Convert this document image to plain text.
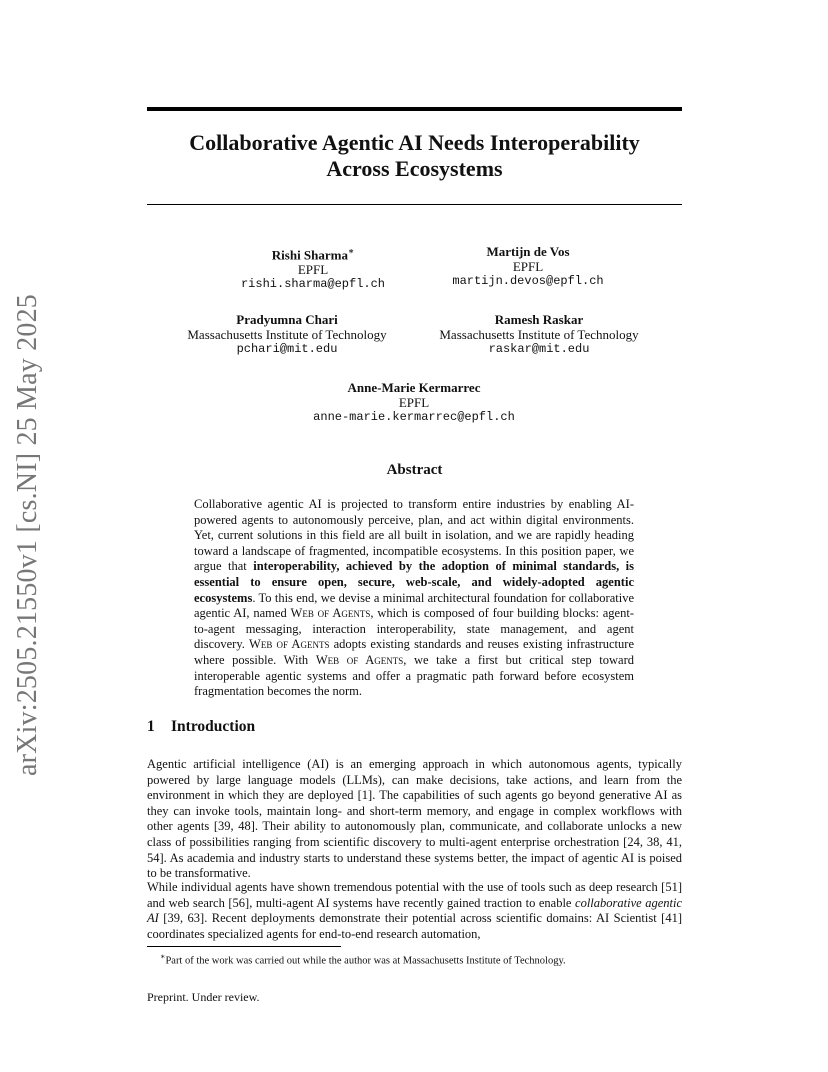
arXiv:2505.21550v1 [cs.NI] 25 May 2025
Collaborative Agentic AI Needs Interoperability
Across Ecosystems
Rishi Sharma∗
EPFL
rishi.sharma@epfl.ch
Martijn de Vos
EPFL
martijn.devos@epfl.ch
Pradyumna Chari
Massachusetts Institute of Technology
pchari@mit.edu
Ramesh Raskar
Massachusetts Institute of Technology
raskar@mit.edu
Anne-Marie Kermarrec
EPFL
anne-marie.kermarrec@epfl.ch
Abstract
Collaborative agentic AI is projected to transform entire industries by enabling AI-powered agents to autonomously perceive, plan, and act within digital environments. Yet, current solutions in this field are all built in isolation, and we are rapidly heading toward a landscape of fragmented, incompatible ecosystems. In this position paper, we argue that interoperability, achieved by the adoption of minimal standards, is essential to ensure open, secure, web-scale, and widely-adopted agentic ecosystems. To this end, we devise a minimal architectural foundation for collaborative agentic AI, named Web of Agents, which is composed of four building blocks: agent-to-agent messaging, interaction interoperability, state management, and agent discovery. Web of Agents adopts existing standards and reuses existing infrastructure where possible. With Web of Agents, we take a first but critical step toward interoperable agentic systems and offer a pragmatic path forward before ecosystem fragmentation becomes the norm.
1 Introduction
Agentic artificial intelligence (AI) is an emerging approach in which autonomous agents, typically powered by large language models (LLMs), can make decisions, take actions, and learn from the environment in which they are deployed [1]. The capabilities of such agents go beyond generative AI as they can invoke tools, maintain long- and short-term memory, and engage in complex workflows with other agents [39, 48]. Their ability to autonomously plan, communicate, and collaborate unlocks a new class of possibilities ranging from scientific discovery to multi-agent enterprise orchestration [24, 38, 41, 54]. As academia and industry starts to understand these systems better, the impact of agentic AI is poised to be transformative.
While individual agents have shown tremendous potential with the use of tools such as deep research [51] and web search [56], multi-agent AI systems have recently gained traction to enable collaborative agentic AI [39, 63]. Recent deployments demonstrate their potential across scientific domains: AI Scientist [41] coordinates specialized agents for end-to-end research automation,
∗Part of the work was carried out while the author was at Massachusetts Institute of Technology.
Preprint. Under review.
